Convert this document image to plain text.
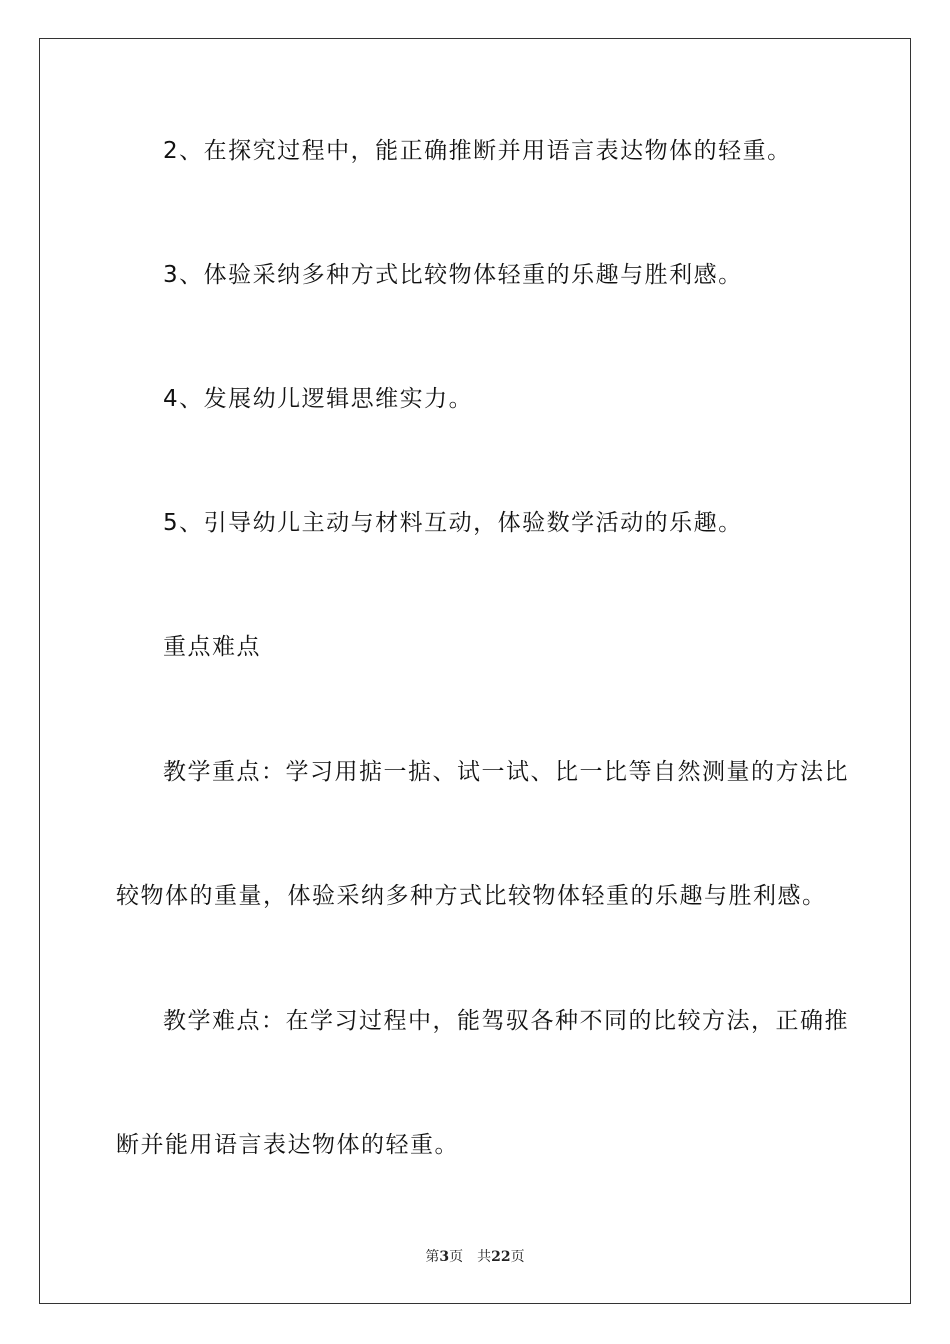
2、在探究过程中，能正确推断并用语言表达物体的轻重。

3、体验采纳多种方式比较物体轻重的乐趣与胜利感。

4、发展幼儿逻辑思维实力。

5、引导幼儿主动与材料互动，体验数学活动的乐趣。

重点难点

教学重点：学习用掂一掂、试一试、比一比等自然测量的方法比

较物体的重量，体验采纳多种方式比较物体轻重的乐趣与胜利感。

教学难点：在学习过程中，能驾驭各种不同的比较方法，正确推

断并能用语言表达物体的轻重。

第3页 共22页
